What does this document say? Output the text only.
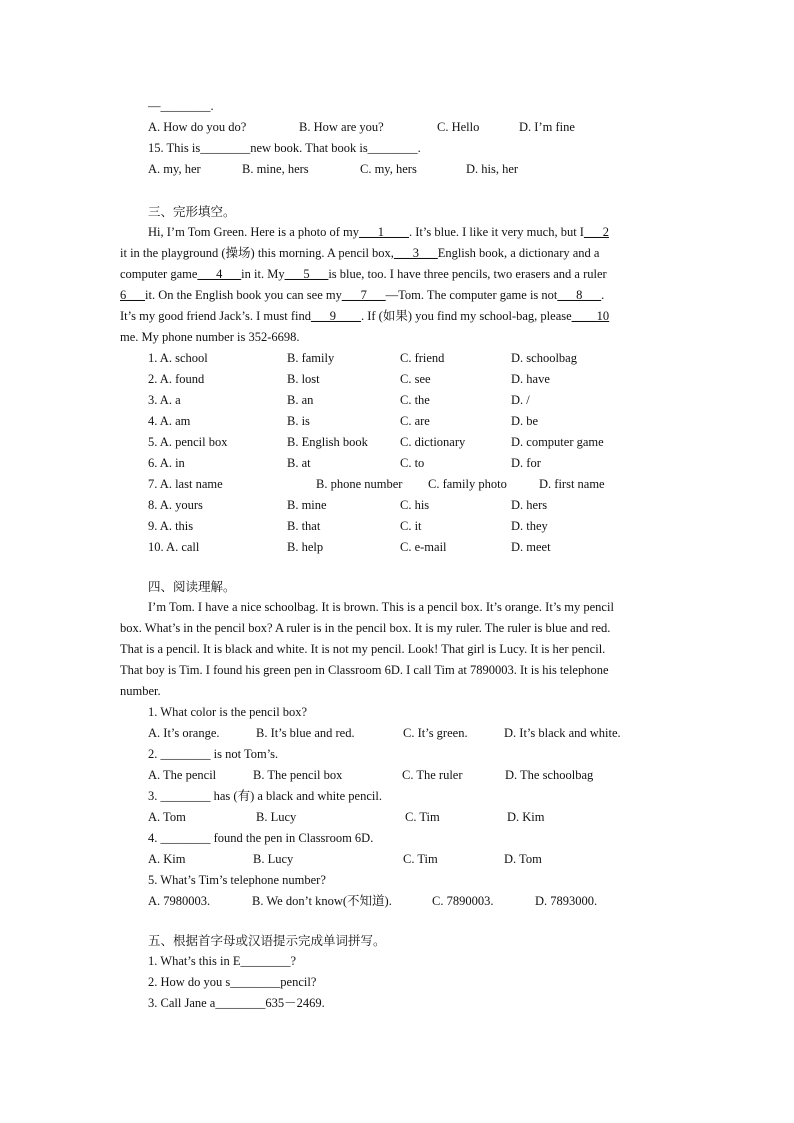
—________.
A. How do you do?	B. How are you?	C. Hello	D. I’m fine
15. This is________new book. That book is________.
A. my, her	B. mine, hers	C. my, hers	D. his, her
三、完形填空。
Hi, I’m Tom Green. Here is a photo of my___1____. It’s blue. I like it very much, but I___2
it in the playground (操场) this morning. A pencil box,___3___English book, a dictionary and a
computer game___4___in it. My___5___is blue, too. I have three pencils, two erasers and a ruler
6___it. On the English book you can see my___7___—Tom. The computer game is not___8___.
It’s my good friend Jack’s. I must find___9____. If (如果) you find my school-bag, please____10
me. My phone number is 352-6698.
1. A. school	B. family	C. friend	D. schoolbag
2. A. found	B. lost	C. see	D. have
3. A. a	B. an	C. the	D. /
4. A. am	B. is	C. are	D. be
5. A. pencil box	B. English book	C. dictionary	D. computer game
6. A. in	B. at	C. to	D. for
7. A. last name	B. phone number C. family photo	D. first name
8. A. yours	B. mine	C. his	D. hers
9. A. this	B. that	C. it	D. they
10. A. call	B. help	C. e-mail	D. meet
四、阅读理解。
I’m Tom. I have a nice schoolbag. It is brown. This is a pencil box. It’s orange. It’s my pencil
box. What’s in the pencil box? A ruler is in the pencil box. It is my ruler. The ruler is blue and red.
That is a pencil. It is black and white. It is not my pencil. Look! That girl is Lucy. It is her pencil.
That boy is Tim. I found his green pen in Classroom 6D. I call Tim at 7890003. It is his telephone
number.
1. What color is the pencil box?
A. It’s orange.	B. It’s blue and red.	C. It’s green.	D. It’s black and white.
2. ________ is not Tom’s.
A. The pencil	B. The pencil box	C. The ruler	D. The schoolbag
3. ________ has (有) a black and white pencil.
A. Tom	B. Lucy	C. Tim	D. Kim
4. ________ found the pen in Classroom 6D.
A. Kim	B. Lucy	C. Tim	D. Tom
5. What’s Tim’s telephone number?
A. 7980003.	B. We don’t know(不知道).	C. 7890003.	D. 7893000.
五、根据首字母或汉语提示完成单词拼写。
1. What’s this in E________?
2. How do you s________pencil?
3. Call Jane a________635－2469.
